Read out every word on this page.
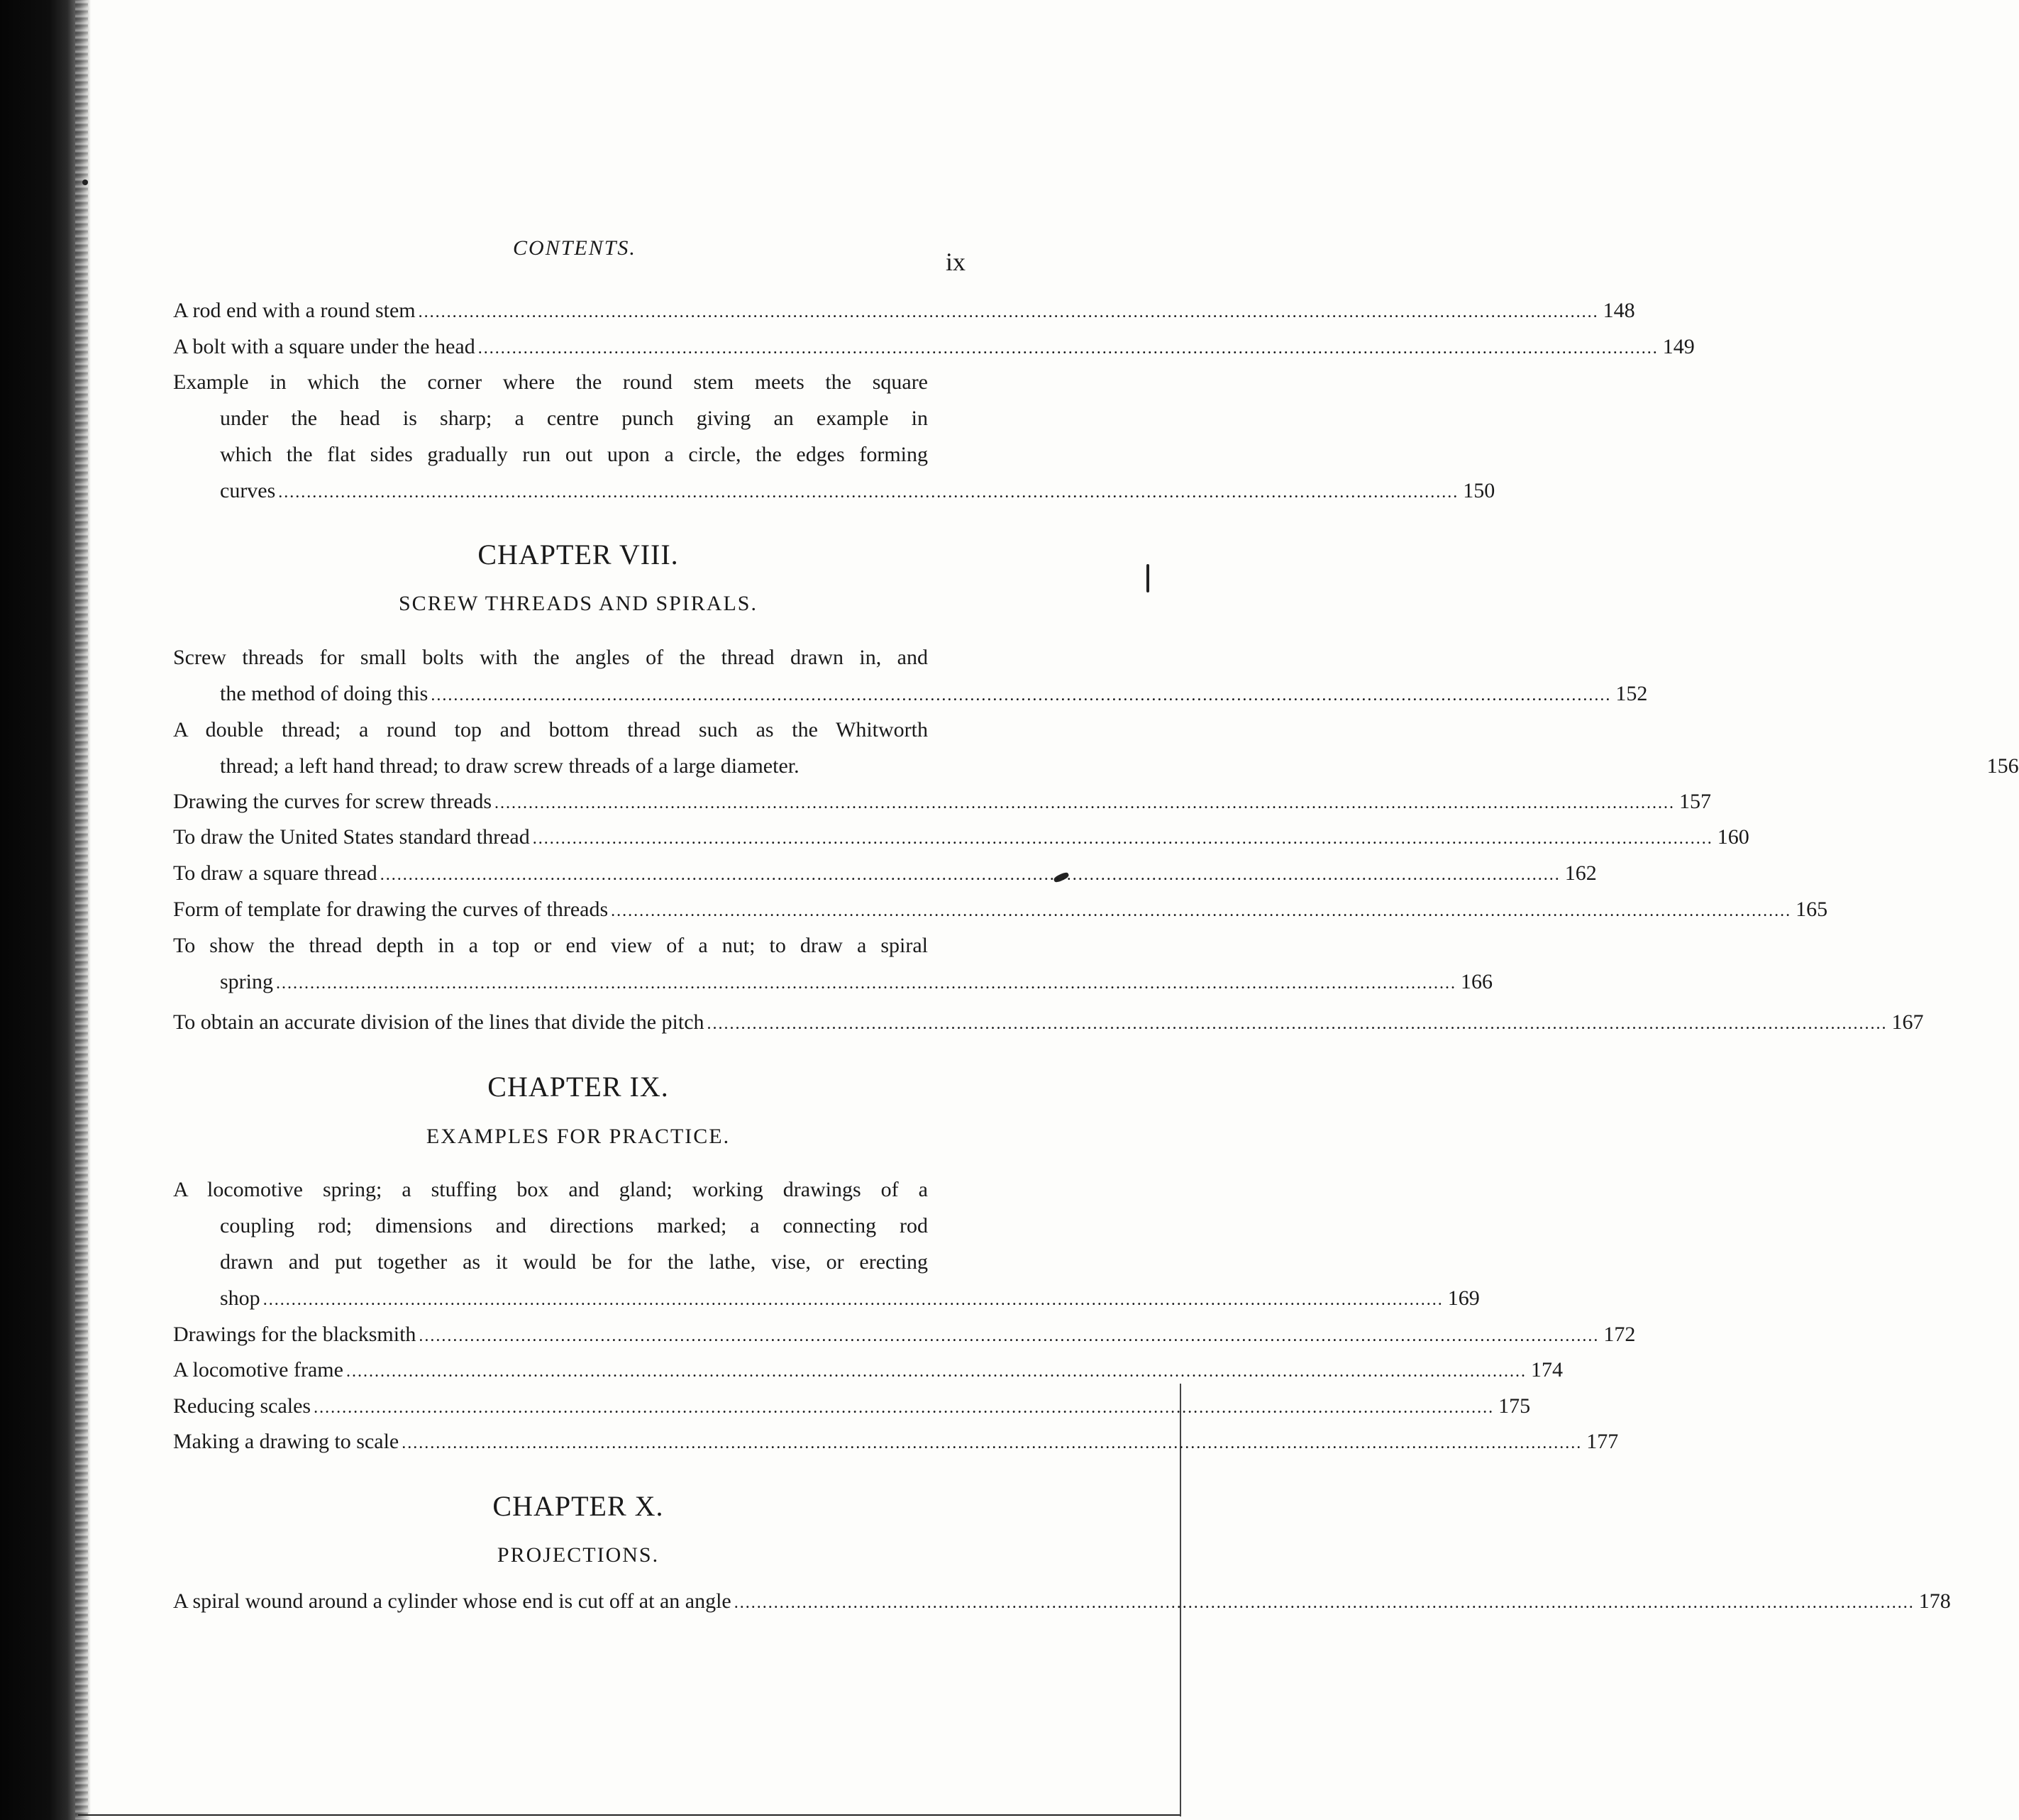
CONTENTS.	ix
A rod end with a round stem .....	148
A bolt with a square under the head .....	149
Example in which the corner where the round stem meets the square
under the head is sharp; a centre punch giving an example in
which the flat sides gradually run out upon a circle, the edges forming
curves .....	150
CHAPTER VIII.
SCREW THREADS AND SPIRALS.
Screw threads for small bolts with the angles of the thread drawn in, and
the method of doing this .....	152
A double thread; a round top and bottom thread such as the Whitworth
thread; a left hand thread; to draw screw threads of a large diameter.	156
Drawing the curves for screw threads .....	157
To draw the United States standard thread .....	160
To draw a square thread .....	162
Form of template for drawing the curves of threads .....	165
To show the thread depth in a top or end view of a nut; to draw a spiral
spring .....	166
To obtain an accurate division of the lines that divide the pitch .....	167
CHAPTER IX.
EXAMPLES FOR PRACTICE.
A locomotive spring; a stuffing box and gland; working drawings of a
coupling rod; dimensions and directions marked; a connecting rod
drawn and put together as it would be for the lathe, vise, or erecting
shop .....	169
Drawings for the blacksmith .....	172
A locomotive frame .....	174
Reducing scales .....	175
Making a drawing to scale .....	177
CHAPTER X.
PROJECTIONS.
A spiral wound around a cylinder whose end is cut off at an angle .....	178
